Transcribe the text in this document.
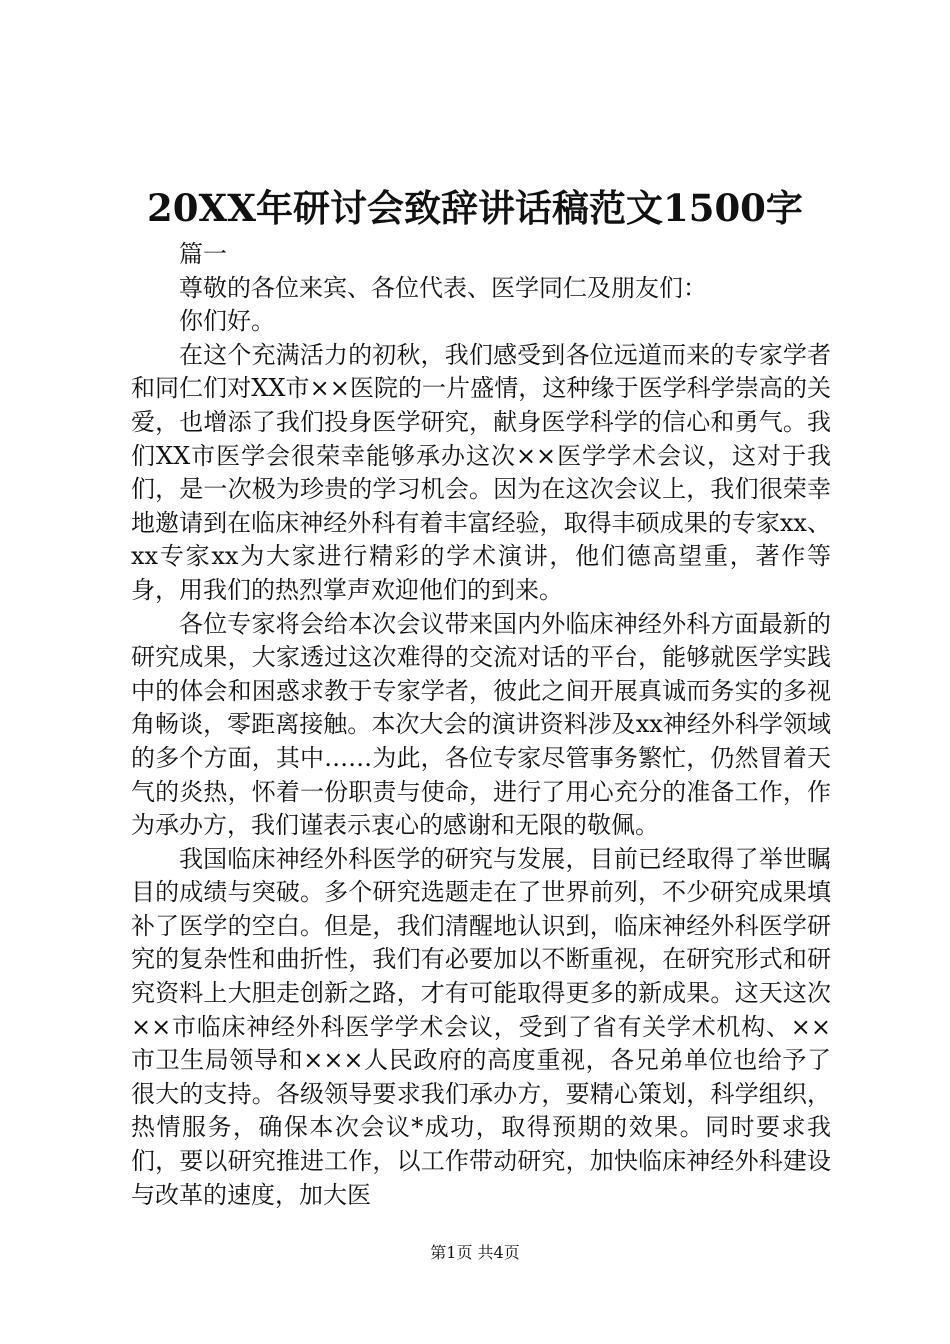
20XX年研讨会致辞讲话稿范文1500字

篇一

尊敬的各位来宾、各位代表、医学同仁及朋友们：

你们好。

在这个充满活力的初秋，我们感受到各位远道而来的专家学者和同仁们对XX市××医院的一片盛情，这种缘于医学科学崇高的关爱，也增添了我们投身医学研究，献身医学科学的信心和勇气。我们XX市医学会很荣幸能够承办这次××医学学术会议，这对于我们，是一次极为珍贵的学习机会。因为在这次会议上，我们很荣幸地邀请到在临床神经外科有着丰富经验，取得丰硕成果的专家xx、xx专家xx为大家进行精彩的学术演讲，他们德高望重，著作等身，用我们的热烈掌声欢迎他们的到来。

各位专家将会给本次会议带来国内外临床神经外科方面最新的研究成果，大家透过这次难得的交流对话的平台，能够就医学实践中的体会和困惑求教于专家学者，彼此之间开展真诚而务实的多视角畅谈，零距离接触。本次大会的演讲资料涉及xx神经外科学领域的多个方面，其中……为此，各位专家尽管事务繁忙，仍然冒着天气的炎热，怀着一份职责与使命，进行了用心充分的准备工作，作为承办方，我们谨表示衷心的感谢和无限的敬佩。

我国临床神经外科医学的研究与发展，目前已经取得了举世瞩目的成绩与突破。多个研究选题走在了世界前列，不少研究成果填补了医学的空白。但是，我们清醒地认识到，临床神经外科医学研究的复杂性和曲折性，我们有必要加以不断重视，在研究形式和研究资料上大胆走创新之路，才有可能取得更多的新成果。这天这次××市临床神经外科医学学术会议，受到了省有关学术机构、××市卫生局领导和×××人民政府的高度重视，各兄弟单位也给予了很大的支持。各级领导要求我们承办方，要精心策划，科学组织，热情服务，确保本次会议*成功，取得预期的效果。同时要求我们，要以研究推进工作，以工作带动研究，加快临床神经外科建设与改革的速度，加大医

第1页 共4页
